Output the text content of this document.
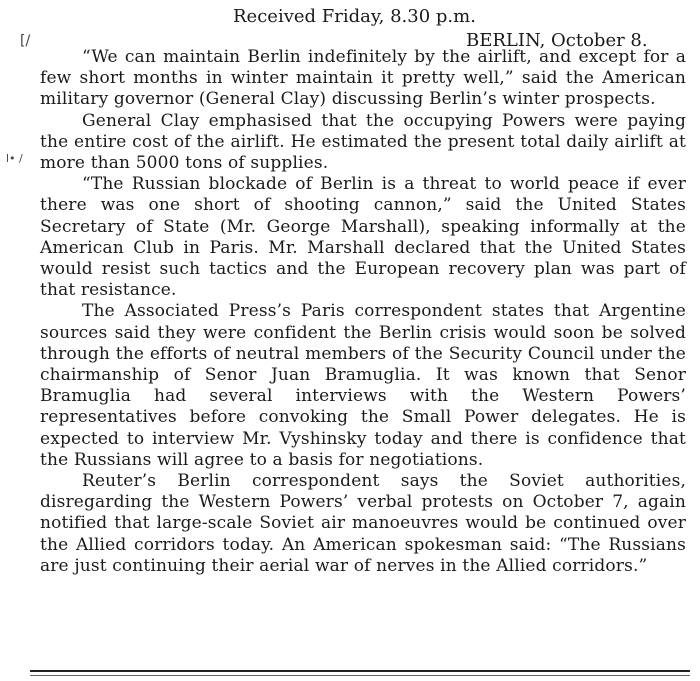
Received Friday, 8.30 p.m.
BERLIN, October 8.
[/
l• /

“We can maintain Berlin indefinitely by the airlift, and except for a few short months in winter maintain it pretty well,” said the American military governor (General Clay) discussing Berlin’s winter prospects.

General Clay emphasised that the occupying Powers were paying the entire cost of the airlift. He estimated the present total daily airlift at more than 5000 tons of supplies.

“The Russian blockade of Berlin is a threat to world peace if ever there was one short of shooting cannon,” said the United States Secretary of State (Mr. George Marshall), speaking informally at the American Club in Paris. Mr. Marshall declared that the United States would resist such tactics and the European recovery plan was part of that resistance.

The Associated Press’s Paris correspondent states that Argentine sources said they were confident the Berlin crisis would soon be solved through the efforts of neutral members of the Security Council under the chairmanship of Senor Juan Bramuglia. It was known that Senor Bramuglia had several interviews with the Western Powers’ representatives before convoking the Small Power delegates. He is expected to interview Mr. Vyshinsky today and there is confidence that the Russians will agree to a basis for negotiations.

Reuter’s Berlin correspondent says the Soviet authorities, disregarding the Western Powers’ verbal protests on October 7, again notified that large-scale Soviet air manoeuvres would be continued over the Allied corridors today. An American spokesman said: “The Russians are just continuing their aerial war of nerves in the Allied corridors.”
